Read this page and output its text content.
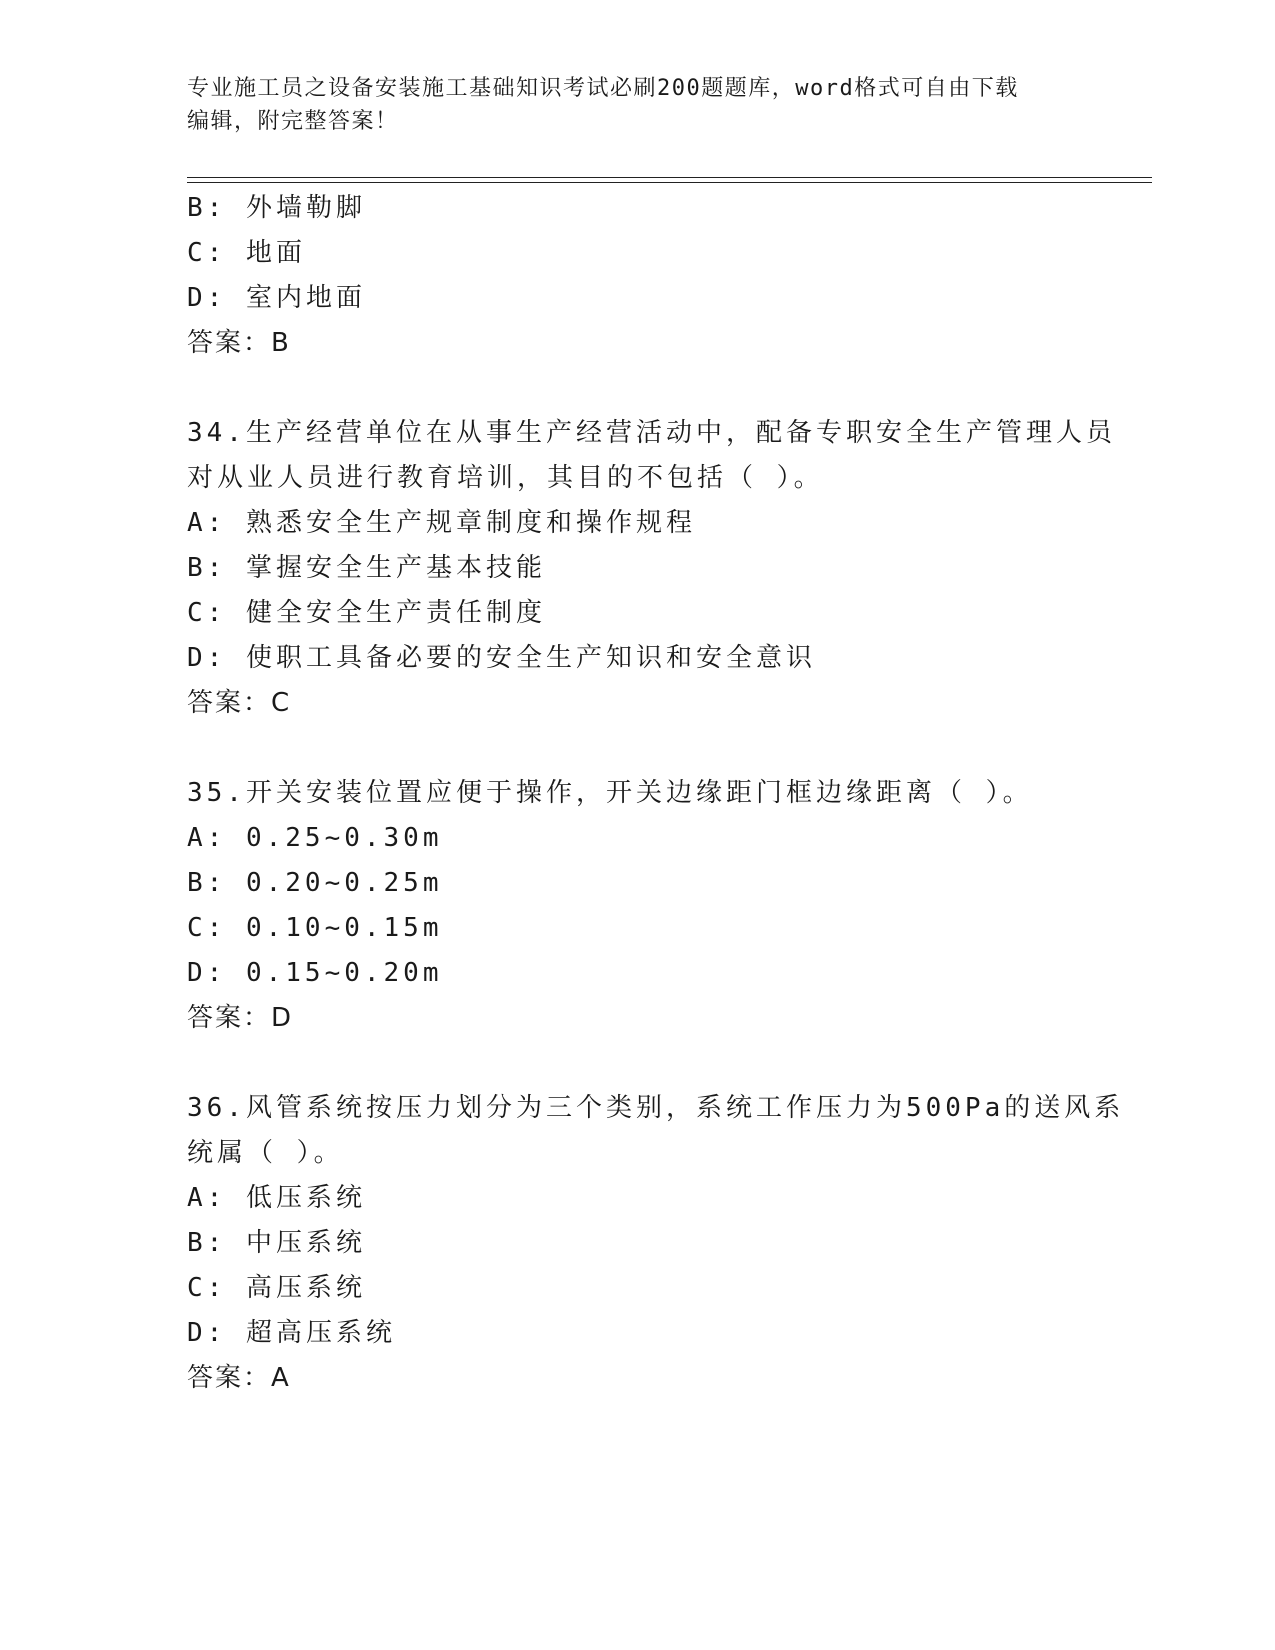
专业施工员之设备安装施工基础知识考试必刷200题题库，word格式可自由下载
编辑，附完整答案！
B: 外墙勒脚
C: 地面
D: 室内地面
答案：B
34.生产经营单位在从事生产经营活动中，配备专职安全生产管理人员
对从业人员进行教育培训，其目的不包括（ ）。
A: 熟悉安全生产规章制度和操作规程
B: 掌握安全生产基本技能
C: 健全安全生产责任制度
D: 使职工具备必要的安全生产知识和安全意识
答案：C
35.开关安装位置应便于操作，开关边缘距门框边缘距离（ ）。
A: 0.25~0.30m
B: 0.20~0.25m
C: 0.10~0.15m
D: 0.15~0.20m
答案：D
36.风管系统按压力划分为三个类别，系统工作压力为500Pa的送风系
统属（ ）。
A: 低压系统
B: 中压系统
C: 高压系统
D: 超高压系统
答案：A
